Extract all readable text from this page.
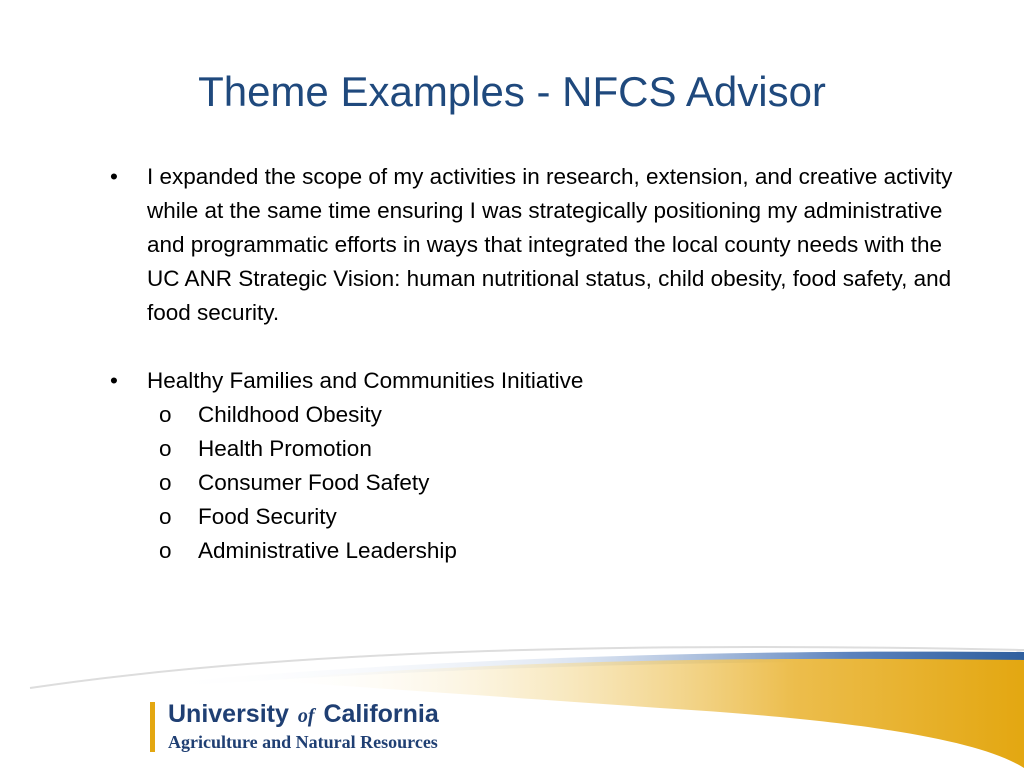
Theme Examples - NFCS Advisor
• I expanded the scope of my activities in research, extension, and creative activity while at the same time ensuring I was strategically positioning my administrative and programmatic efforts in ways that integrated the local county needs with the UC ANR Strategic Vision: human nutritional status, child obesity, food safety, and food security.
• Healthy Families and Communities Initiative
o Childhood Obesity
o Health Promotion
o Consumer Food Safety
o Food Security
o Administrative Leadership
University of California
Agriculture and Natural Resources
